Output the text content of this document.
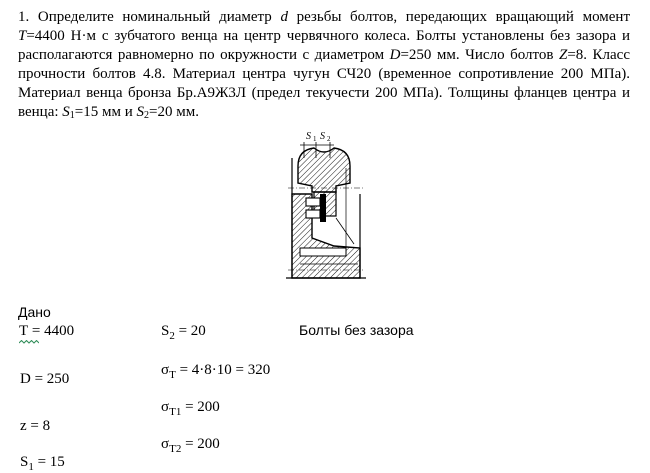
1. Определите номинальный диаметр d резьбы болтов, передающих вращающий момент T=4400 Н·м с зубчатого венца на центр червячного колеса. Болты установлены без зазора и располагаются равномерно по окружности с диаметром D=250 мм. Число болтов Z=8. Класс прочности болтов 4.8. Материал центра чугун СЧ20 (временное сопротивление 200 МПа). Материал венца бронза Бр.А9Ж3Л (предел текучести 200 МПа). Толщины фланцев центра и венца: $S_1=15$ мм и $S_2=20$ мм.
S 1 S 2
Дано
T = 4400
D = 250
z = 8
$S_1 = 15$
$S_2 = 20$
$\sigma_T = 4\cdot 8\cdot 10 = 320$
$\sigma_{T1} = 200$
$\sigma_{T2} = 200$
Болты без зазора
